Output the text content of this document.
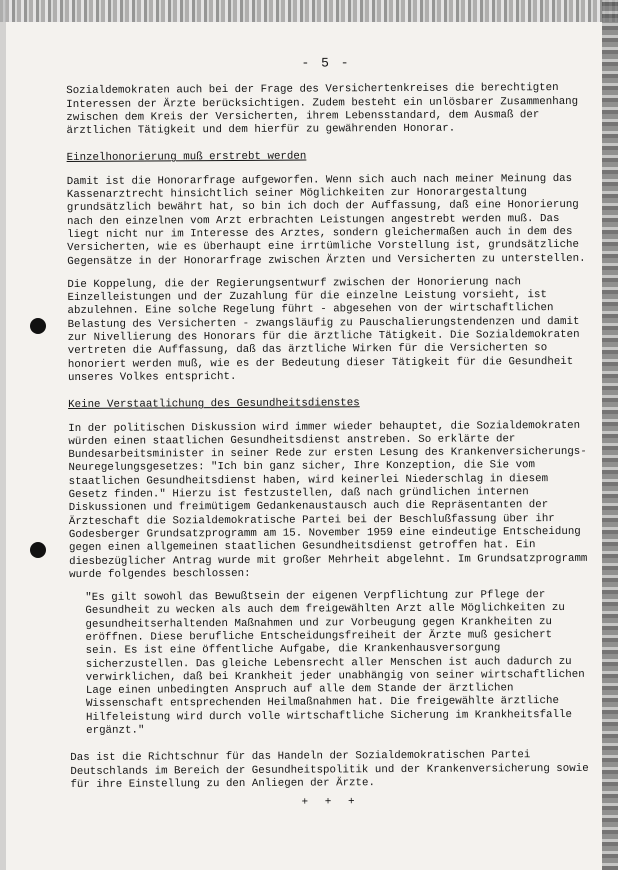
- 5 -

Sozialdemokraten auch bei der Frage des Versichertenkreises die berechtigten Interessen der Ärzte berücksichtigen. Zudem besteht ein unlösbarer Zusammenhang zwischen dem Kreis der Versicherten, ihrem Lebensstandard, dem Ausmaß der ärztlichen Tätigkeit und dem hierfür zu gewährenden Honorar.

Einzelhonorierung muß erstrebt werden

Damit ist die Honorarfrage aufgeworfen. Wenn sich auch nach meiner Meinung das Kassenarztrecht hinsichtlich seiner Möglichkeiten zur Honorargestaltung grundsätzlich bewährt hat, so bin ich doch der Auffassung, daß eine Honorierung nach den einzelnen vom Arzt erbrachten Leistungen angestrebt werden muß. Das liegt nicht nur im Interesse des Arztes, sondern gleichermaßen auch in dem des Versicherten, wie es überhaupt eine irrtümliche Vorstellung ist, grundsätzliche Gegensätze in der Honorarfrage zwischen Ärzten und Versicherten zu unterstellen.

Die Koppelung, die der Regierungsentwurf zwischen der Honorierung nach Einzelleistungen und der Zuzahlung für die einzelne Leistung vorsieht, ist abzulehnen. Eine solche Regelung führt - abgesehen von der wirtschaftlichen Belastung des Versicherten - zwangsläufig zu Pauschalierungstendenzen und damit zur Nivellierung des Honorars für die ärztliche Tätigkeit. Die Sozialdemokraten vertreten die Auffassung, daß das ärztliche Wirken für die Versicherten so honoriert werden muß, wie es der Bedeutung dieser Tätigkeit für die Gesundheit unseres Volkes entspricht.

Keine Verstaatlichung des Gesundheitsdienstes

In der politischen Diskussion wird immer wieder behauptet, die Sozialdemokraten würden einen staatlichen Gesundheitsdienst anstreben. So erklärte der Bundesarbeitsminister in seiner Rede zur ersten Lesung des Krankenversicherungs-Neuregelungsgesetzes: "Ich bin ganz sicher, Ihre Konzeption, die Sie vom staatlichen Gesundheitsdienst haben, wird keinerlei Niederschlag in diesem Gesetz finden." Hierzu ist festzustellen, daß nach gründlichen internen Diskussionen und freimütigem Gedankenaustausch auch die Repräsentanten der Ärzteschaft die Sozialdemokratische Partei bei der Beschlußfassung über ihr Godesberger Grundsatzprogramm am 15. November 1959 eine eindeutige Entscheidung gegen einen allgemeinen staatlichen Gesundheitsdienst getroffen hat. Ein diesbezüglicher Antrag wurde mit großer Mehrheit abgelehnt. Im Grundsatzprogramm wurde folgendes beschlossen:

"Es gilt sowohl das Bewußtsein der eigenen Verpflichtung zur Pflege der Gesundheit zu wecken als auch dem freigewählten Arzt alle Möglichkeiten zu gesundheitserhaltenden Maßnahmen und zur Vorbeugung gegen Krankheiten zu eröffnen. Diese berufliche Entscheidungsfreiheit der Ärzte muß gesichert sein. Es ist eine öffentliche Aufgabe, die Krankenhausversorgung sicherzustellen. Das gleiche Lebensrecht aller Menschen ist auch dadurch zu verwirklichen, daß bei Krankheit jeder unabhängig von seiner wirtschaftlichen Lage einen unbedingten Anspruch auf alle dem Stande der ärztlichen Wissenschaft entsprechenden Heilmaßnahmen hat. Die freigewählte ärztliche Hilfeleistung wird durch volle wirtschaftliche Sicherung im Krankheitsfalle ergänzt."

Das ist die Richtschnur für das Handeln der Sozialdemokratischen Partei Deutschlands im Bereich der Gesundheitspolitik und der Krankenversicherung sowie für ihre Einstellung zu den Anliegen der Ärzte.

+ + +
